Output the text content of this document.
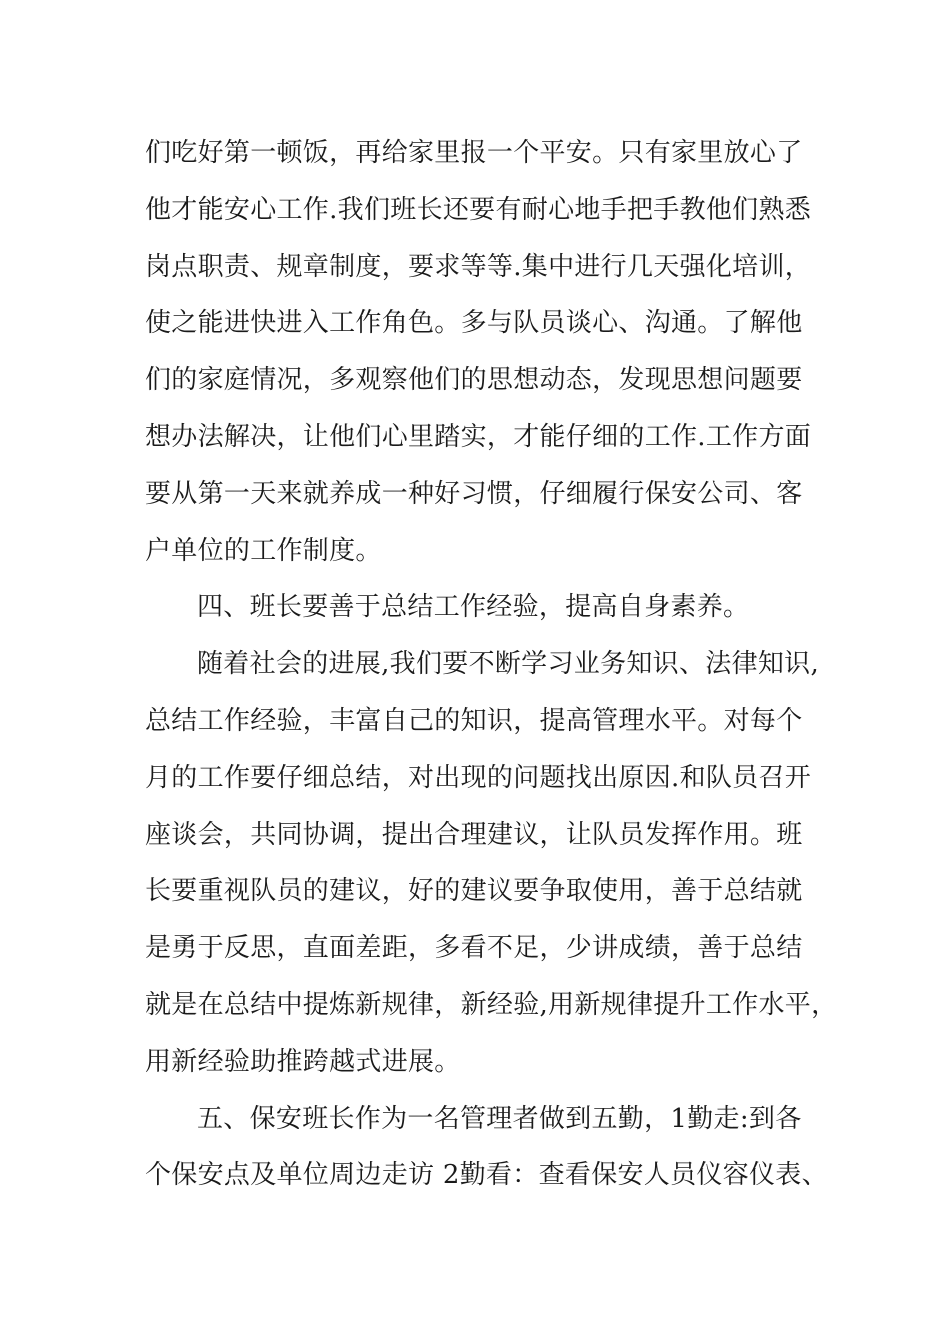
们吃好第一顿饭，再给家里报一个平安。只有家里放心了
他才能安心工作.我们班长还要有耐心地手把手教他们熟悉
岗点职责、规章制度，要求等等.集中进行几天强化培训，
使之能进快进入工作角色。多与队员谈心、沟通。了解他
们的家庭情况，多观察他们的思想动态，发现思想问题要
想办法解决，让他们心里踏实，才能仔细的工作.工作方面
要从第一天来就养成一种好习惯，仔细履行保安公司、客
户单位的工作制度。
四、班长要善于总结工作经验，提高自身素养。
随着社会的进展,我们要不断学习业务知识、法律知识,
总结工作经验，丰富自己的知识，提高管理水平。对每个
月的工作要仔细总结，对出现的问题找出原因.和队员召开
座谈会，共同协调，提出合理建议，让队员发挥作用。班
长要重视队员的建议，好的建议要争取使用，善于总结就
是勇于反思，直面差距，多看不足，少讲成绩，善于总结
就是在总结中提炼新规律，新经验,用新规律提升工作水平，
用新经验助推跨越式进展。
五、保安班长作为一名管理者做到五勤，1勤走:到各
个保安点及单位周边走访 2勤看：查看保安人员仪容仪表、
